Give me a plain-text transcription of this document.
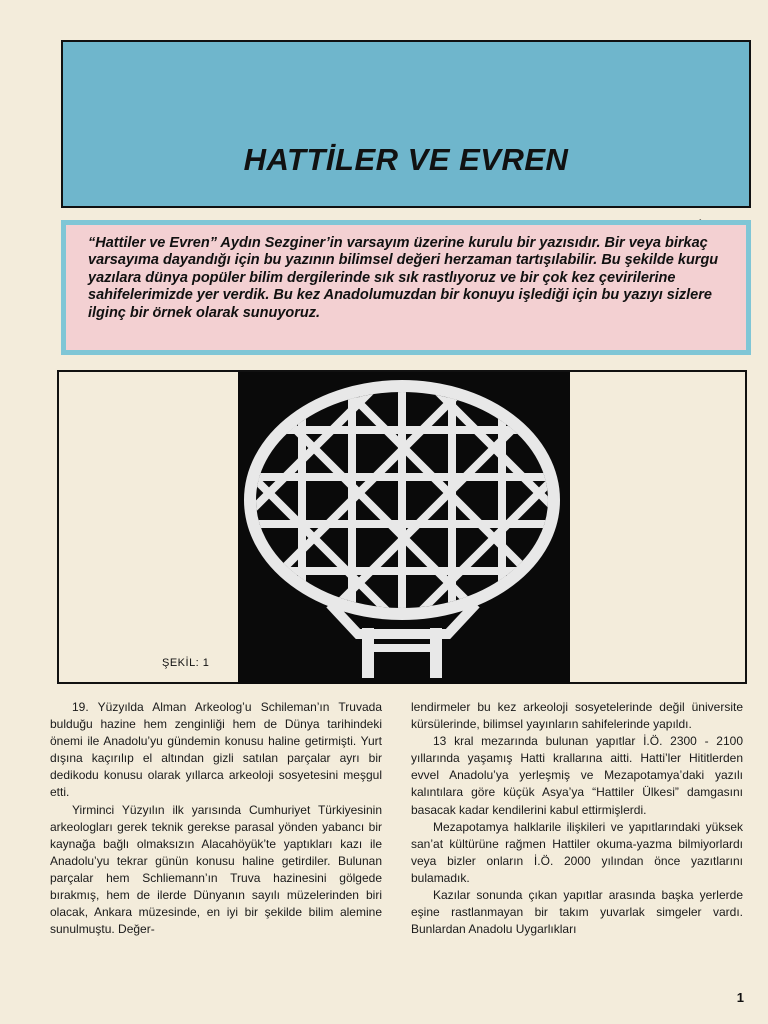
HATTİLER VE EVREN

“Hattiler ve Evren” Aydın Sezginer’in varsayım üzerine kurulu bir yazısıdır. Bir veya birkaç varsayıma dayandığı için bu yazının bilimsel değeri herzaman tartışılabilir. Bu şekilde kurgu yazılara dünya popüler bilim dergilerinde sık sık rastlıyoruz ve bir çok kez çevirilerine sahifelerimizde yer verdik. Bu kez Anadolumuzdan bir konuyu işlediği için bu yazıyı sizlere ilginç bir örnek olarak sunuyoruz.

ŞEKİL: 1

19. Yüzyılda Alman Arkeolog’u Schileman’ın Truvada bulduğu hazine hem zenginliği hem de Dünya tarihindeki önemi ile Anadolu’yu gündemin konusu haline getirmişti. Yurt dışına kaçırılıp el altından gizli satılan parçalar ayrı bir dedikodu konusu olarak yıllarca arkeoloji sosyetesini meşgul etti.

Yirminci Yüzyılın ilk yarısında Cumhuriyet Türkiyesinin arkeologları gerek teknik gerekse parasal yönden yabancı bir kaynağa bağlı olmaksızın Alacahöyük’te yaptıkları kazı ile Anadolu’yu tekrar günün konusu haline getirdiler. Bulunan parçalar hem Schliemann’ın Truva hazinesini gölgede bırakmış, hem de ilerde Dünyanın sayılı müzelerinden biri olacak, Ankara müzesinde, en iyi bir şekilde bilim alemine sunulmuştu. Değer-

lendirmeler bu kez arkeoloji sosyetelerinde değil üniversite kürsülerinde, bilimsel yayınların sahifelerinde yapıldı.

13 kral mezarında bulunan yapıtlar İ.Ö. 2300 - 2100 yıllarında yaşamış Hatti krallarına aitti. Hatti’ler Hititlerden evvel Anadolu’ya yerleşmiş ve Mezapotamya’daki yazılı kalıntılara göre küçük Asya’ya “Hattiler Ülkesi” damgasını basacak kadar kendilerini kabul ettirmişlerdi.

Mezapotamya halklarile ilişkileri ve yapıtlarındaki yüksek san’at kültürüne rağmen Hattiler okuma-yazma bilmiyorlardı veya bizler onların İ.Ö. 2000 yılından önce yazıtlarını bulamadık.

Kazılar sonunda çıkan yapıtlar arasında başka yerlerde eşine rastlanmayan bir takım yuvarlak simgeler vardı. Bunlardan Anadolu Uygarlıkları

1
